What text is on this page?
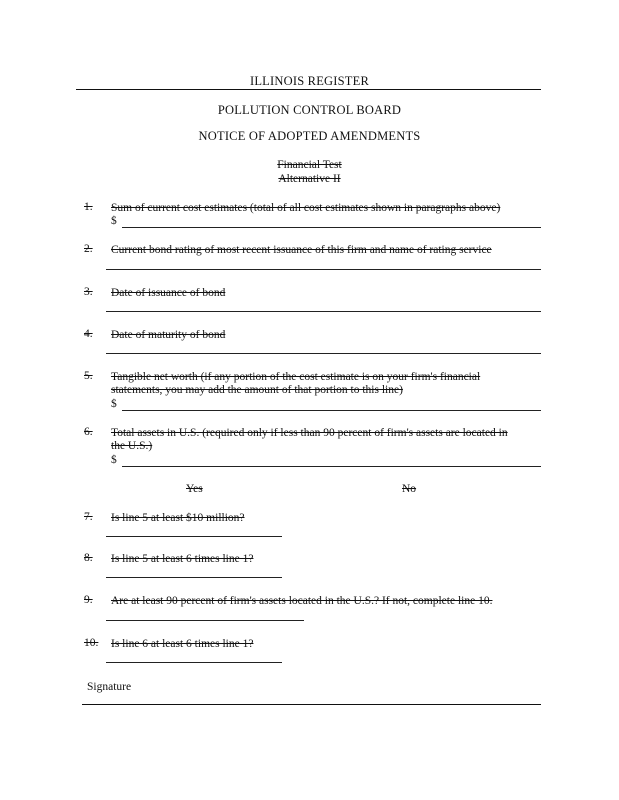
ILLINOIS REGISTER
POLLUTION CONTROL BOARD
NOTICE OF ADOPTED AMENDMENTS
Financial Test
Alternative II
1. Sum of current cost estimates (total of all cost estimates shown in paragraphs above)
$
2. Current bond rating of most recent issuance of this firm and name of rating service
3. Date of issuance of bond
4. Date of maturity of bond
5. Tangible net worth (if any portion of the cost estimate is on your firm's financial
statements, you may add the amount of that portion to this line)
$
6. Total assets in U.S. (required only if less than 90 percent of firm's assets are located in
the U.S.)
$
Yes	No
7. Is line 5 at least $10 million?
8. Is line 5 at least 6 times line 1?
9. Are at least 90 percent of firm's assets located in the U.S.? If not, complete line 10.
10. Is line 6 at least 6 times line 1?
Signature
